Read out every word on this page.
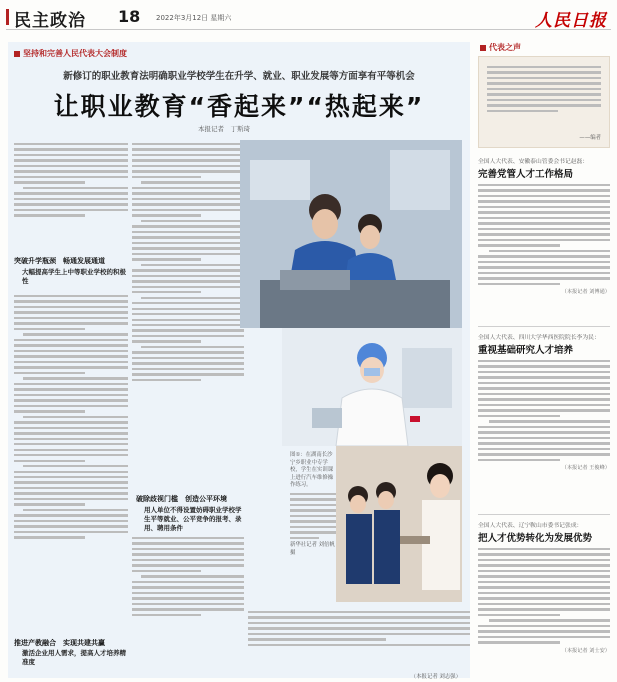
民主政治 18 2022年3月12日 星期六	人民日报
坚持和完善人民代表大会制度
新修订的职业教育法明确职业学校学生在升学、就业、职业发展等方面享有平等机会
让职业教育“香起来”“热起来”
本报记者　丁斯琦
突破升学瓶颈　畅通发展通道
大幅提高学生上中等职业学校的积极性
推进产教融合　实现共建共赢
激活企业用人需求，提高人才培养精准度
破除歧视门槛　创造公平环境
用人单位不得设置妨碍职业学校学生平等就业、公平竞争的报考、录用、聘用条件
图①：在湖南长沙宁乡职业中专学校，学生在实训课上进行汽车维修操作练习。
新华社记者 刘倍帆摄
代表之声
——编者
全国人大代表、安徽泰山管委会书记赵磊：
完善党管人才工作格局
（本报记者 刘博通）
全国人大代表、四川大学华西医院院长李为民：
重视基础研究人才培养
（本报记者 王俊峰）
全国人大代表、辽宁鞍山市委书记张成：
把人才优势转化为发展优势
（本报记者 刘士安）
（本报记者 刘志强）
